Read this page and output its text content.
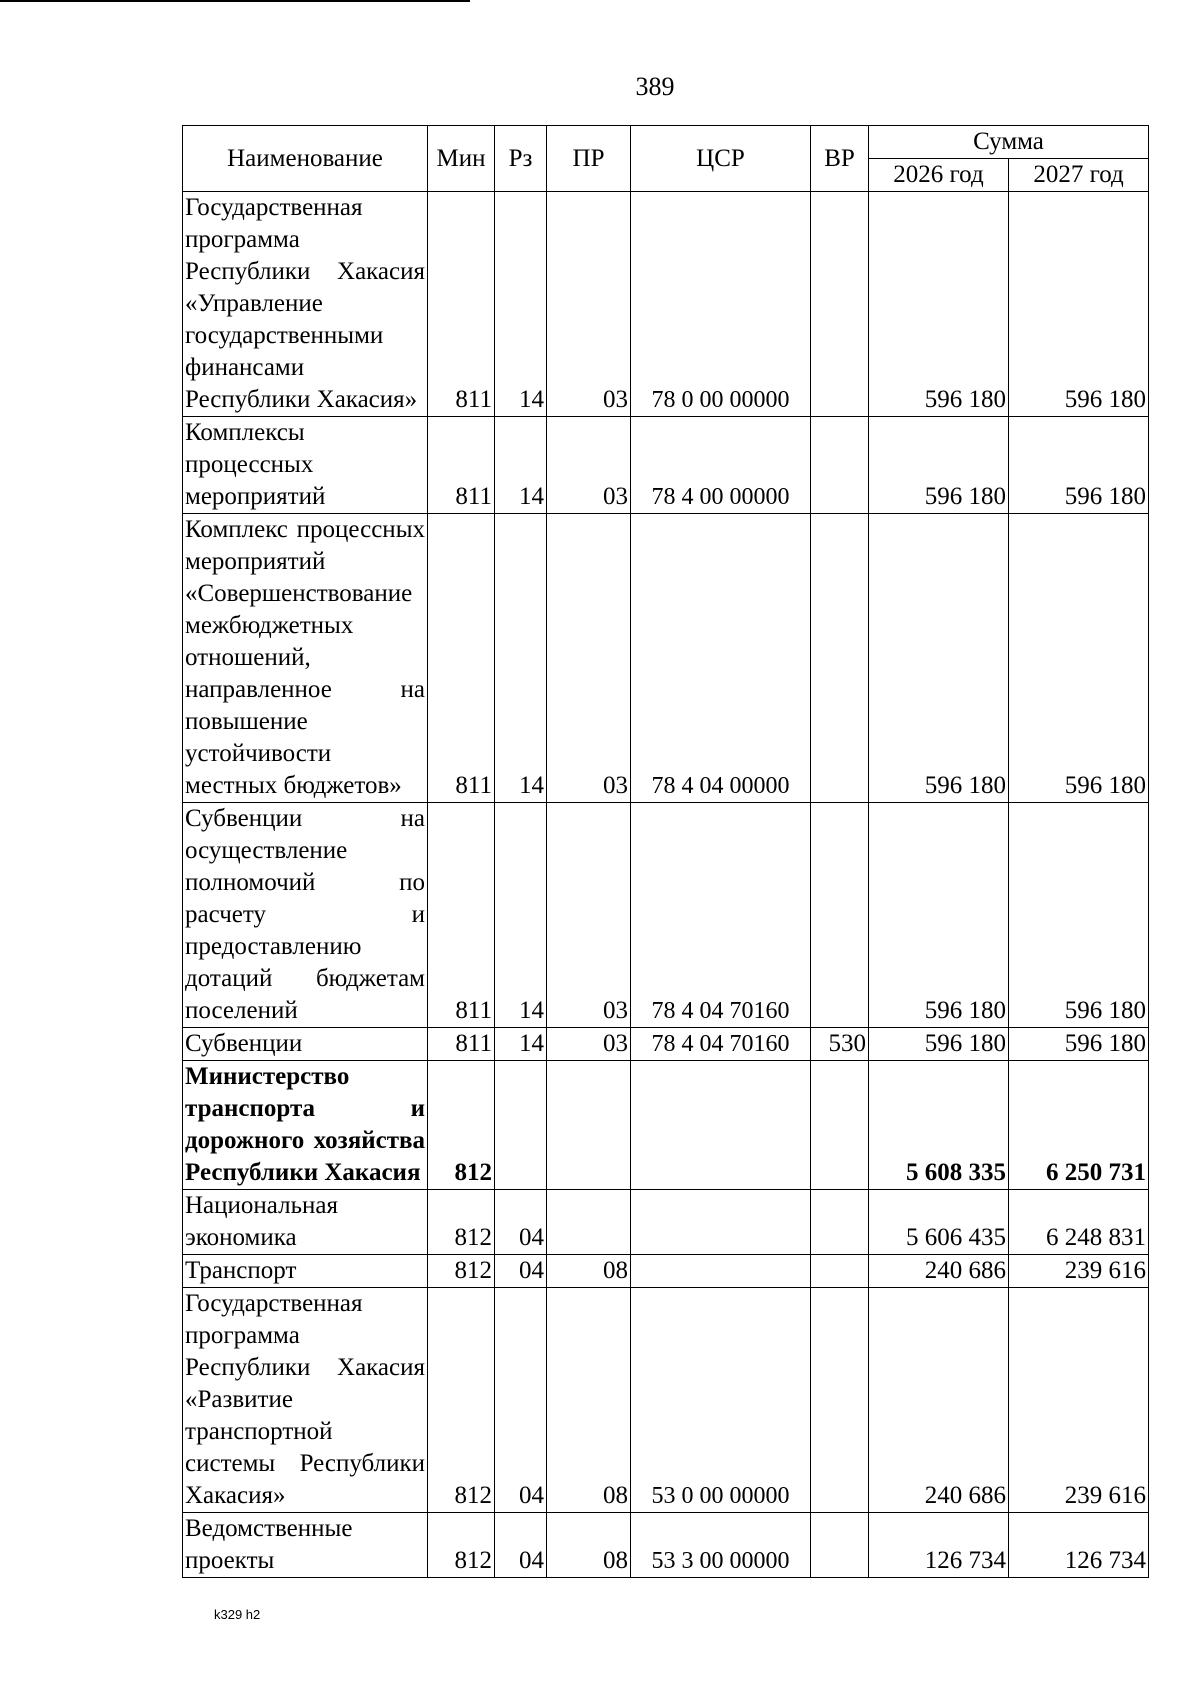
389
Наименование	Мин	Рз	ПР	ЦСР	ВР	Сумма	
						2026 год	2027 год
Государственная программа Республики Хакасия «Управление государственными финансами Республики Хакасия»	811	14	03	78 0 00 00000		596 180	596 180
Комплексы процессных мероприятий	811	14	03	78 4 00 00000		596 180	596 180
Комплекс процессных мероприятий «Совершенствование межбюджетных отношений, направленное на повышение устойчивости местных бюджетов»	811	14	03	78 4 04 00000		596 180	596 180
Субвенции на осуществление полномочий по расчету и предоставлению дотаций бюджетам поселений	811	14	03	78 4 04 70160		596 180	596 180
Субвенции	811	14	03	78 4 04 70160	530	596 180	596 180
Министерство транспорта и дорожного хозяйства Республики Хакасия	812					5 608 335	6 250 731
Национальная экономика	812	04				5 606 435	6 248 831
Транспорт	812	04	08			240 686	239 616
Государственная программа Республики Хакасия «Развитие транспортной системы Республики Хакасия»	812	04	08	53 0 00 00000		240 686	239 616
Ведомственные проекты	812	04	08	53 3 00 00000		126 734	126 734
k329 h2
